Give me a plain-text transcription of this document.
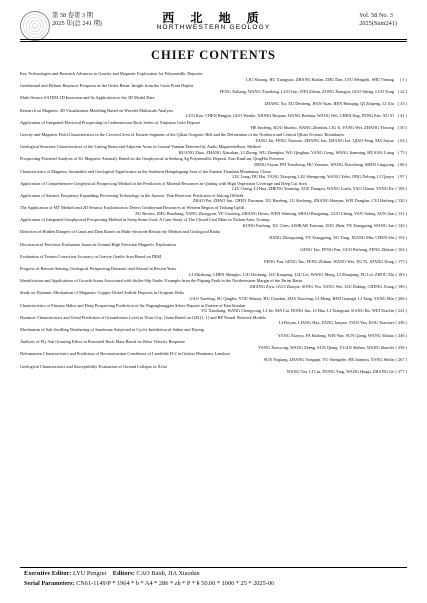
第 58 卷第 3 期
2025 年(总 241 期)	西 北 地 质
NORTHWESTERN GEOLOGY
Vol. 58 No. 3
2025(Sum241)
CHIEF CONTENTS
Key Technologies and Research Advances in Gravity and Magnetic Exploration for Polymetallic Deposits
LIU Shuang, HU Xiangyun, ZHANG Baifan, ZHU Dan, LYU Mengzhi, SHU Yiming ( 1 )
Geothermal and Helium Resource Prospects in the Ordos Basin: Insight from the Curie Point Depths
FENG Xuliang, WANG Xiaodong, LUO Jiao, WEI Zekun, ZONG Xiangyu, GUO Sheng, LUO Tong ( 22 )
Multi-Source SATEM-1D Inversion and Its Application to the 3D Model Data
ZHANG Xu, XU Desheng, HAN Yuan, REN Hanqing, QI Zhipeng, LI Xiu ( 33 )
Research on Magnetic 3D Visualization Modeling Based on Wavelet Multiscale Analysis
LUO Kao, CHEN Bingjin, GUO Wenbo, XIONG Boquan, WANG Benhua, WANG Wei, CHEN Jing, FENG Fan, XU Yi ( 41 )
Application of Integrated Electrical Prospecting in Carbonaceous Rock Series of Xinjiamu Gold Deposit
HE Junfeng, KOU Shaobo, WANG Zhenbin, LIU Ji, YANG Wei, ZHANG Yixiong ( 50 )
Gravity and Magnetic Field Characteristics in the Covered Area of Eastern Segment of the Qilian Orogenic Belt and the Delineation of the Northern and Central Qilian Tectonic Boundaries
YANG Jin, FENG Xiaoxue, ZHANG Jun, ZHANG Lei, QIAO Peng, MA Jiayao ( 63 )
Geological Structure Characteristics of the Lufeng Basin and Adjacent Areas in Central Yunnan Detected by Audio Magnetotelluric Method
HUANG Zhao, ZHANG Xiaoshan, LI Zhong, WU Zhenghui, WU Qinghua, YANG Gong, WANG Jianming, HUANG Liang ( 75 )
Prospecting Potential Analysis of 3G Magnetic Anomaly Based on the Geophysical in Seeking Ag Polymetallic Deposit, East KunLun, QingHai Province
DENG Fayan, PEI Youzhong, HU Yanxiao, WANG Xiaocheng, SHEN Lingyong ( 86 )
Characteristics of Magnetic Anomalies and Geological Significance in the Southern Hongshigang Area of the Eastern Tianshan Mountains, China
LIU Long, DU Hai, TANG Xiaoping, LIU Shengrong, WANG Yalei, JING Delong, LI Qunyu ( 97 )
Application of Comprehensive Geophysical Prospecting Method in the Prediction of Mineral Resources in Qinling with High Vegetation Coverage and Deep Cut Area
LIU Cheng, LI Hua, ZHENG Yunsong, XUE Dongxu, WANG Luzhi, YAO Chuan, YANG Ke ( 108 )
Application of Seismic Frequency Expanding Processing Technology in the Jurassic Thin Reservoir Prediction of Jiulong Oilfield
ZHAO Fei, ZHAO Jun, CHEN Xiaoman, XU Hanfeng, LU Kecheng, ZHANG Huayun, WEI Donglan, CUI Haifeng ( 120 )
The Application of MT Method and 2D Seismic Exploration to Detect Geothermal Resources in Western Region of Taikang Uplift
XU Bowen, ZHU Huailiang, YANG Zhongyan, YE Guofeng, ZHANG Dexiu, WEN Shiming, SHAO Baoguang, GUO Cheng, YAN Jiahuq, SUN Jian ( 131 )
Application of Integrated Geophysical Prospecting Method in Steep Seam Goaf: A Case Study of The Closed Coal Mine in Xishan Area, Urumqi
KONG Fanlong, XU Chen, AISIKAR Tuerxun, ZOU Zhen, YE Xiangpeng, WANG Jun ( 143 )
Detection of Hidden Dangers of Canal and Dam Based on Multi-electrode Resistivity Method and Geological Radar
JIANG Zhongxiang, YE Xiangpeng, XU Yang, XIANG Min, CHEN Shi ( 154 )
Discussion of Precision Evaluation Issues in Ground High Precision Magnetic Exploration
GENG Tao, FENG Fan, GUO Peihong, FENG Zhikun ( 162 )
Evaluation of Terrain Correction Accuracy in Gravity Gentle Area Based on DEM
FENG Fan, GENG Tao, FENG Zhikun, WANG Wei, XU Yi, XIANG Dong ( 175 )
Progress of Remote Sensing Geological Prospecting Domestic and Abroad in Recent Years
LI Zhizhong, CHEN Shengbo, LIU Dechang, LIU Kuopeng, LIU Lei, WANG Meng, LI Zhuqiang, FU Lei, ZHOU Zhi ( 183 )
Identification and Applications of Growth Strata Associated with Strike-Slip Faults: Example from the Piqiang Fault in the Northwestern Margin of the Tarim Basin
ZHANG Ziyu, GUO Zhaojie, SONG Yin, YANG Wei, LIU Dabing, CHENG Xiang ( 196 )
Study on Dynamic Mechanism of Magmatic Copper-Nickel Sulfide Deposits in Orogenic Belts
GAO Xuefeng, SU Qinglin, YOU Minxia, HU Chaobin, ZHA Xiaofeng, LI Meng, REN Guangli, LI Tang, YANG Min ( 206 )
Characteristics of Primary Halos and Deep Prospecting Prediction of the Nagengkanggiet Silver Deposit in Eastern of East Kunlun
YU Xiaoliang, WANG Chengcong, LI Jie, MA Cai, DONG Jun, LI Hua, LI Xiangxun, KANG Bo, WEI Xiaolin ( 221 )
Dynamic Characteristics and Trend Prediction of Groundwater Level in Xi'an City, China Based on GM (1, 1) and BP Neural Network Models
LI Peiyan, LIANG Hao, YANG Junyan, TIAN Yan, KOU Xiaomei ( 236 )
Mechanism of Salt Swelling Weathering of Sandstone Subjected to Cyclic Imbibition of Saline and Drying
YANG Xiaoyu, FA Hailong, WEI Yun, SUN Qiang, WANG Yubiao ( 246 )
Analysis of Fly Ash Grouting Effect in Fractured Rock Mass Based on Wave Velocity Response
YANG Xiaoyong, WANG Zheng, SUN Qiang, YUAN Shihao, WANG Shaofei ( 258 )
Deformation Characteristics and Prediction of Reconstruction Conditions of Landslide H-2 in Genluo Mountain, Lanzhou
SUN Puqiang, ZHANG Yongqin, YU Shengzhe, HE Jiamyin, YANG Shilin ( 267 )
Geological Characteristics and Susceptibility Evaluation of Ground Collapse in Xi'an
WANG Tao, LI Lin, DONG Ying, WANG Huagi, ZHANG Ge ( 277 )
Executive Editor: LYU Pengrui Editors: CAO Baidi, JIA Xiaodan
Serial Parameters: CN61-1149/P * 1964 * b * A4 * 286 * zh * P * ¥ 50.00 * 1000 * 25 * 2025-06
